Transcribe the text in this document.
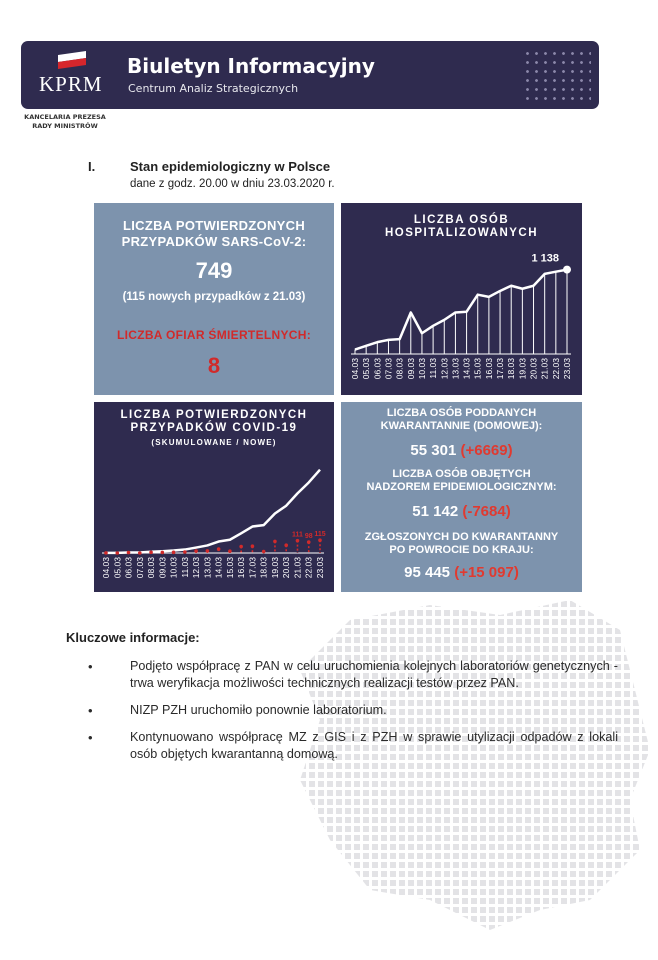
KPRM
Biuletyn Informacyjny
Centrum Analiz Strategicznych
KANCELARIA PREZESA
RADY MINISTRÓW
I.	Stan epidemiologiczny w Polsce
dane z godz. 20.00 w dniu 23.03.2020 r.
LICZBA POTWIERDZONYCH
PRZYPADKÓW SARS-CoV-2:
749
(115 nowych przypadków z 21.03)
LICZBA OFIAR ŚMIERTELNYCH:
8
LICZBA OSÓB HOSPITALIZOWANYCH
1 138
04.03 05.03 06.03 07.03 08.03 09.03 10.03 11.03 12.03 13.03 14.03 15.03 16.03 17.03 18.03 19.03 20.03 21.03 22.03 23.03
LICZBA POTWIERDZONYCH PRZYPADKÓW COVID-19
(SKUMULOWANE / NOWE)
111 98 115
04.03 05.03 06.03 07.03 08.03 09.03 10.03 11.03 12.03 13.03 14.03 15.03 16.03 17.03 18.03 19.03 20.03 21.03 22.03 23.03
LICZBA OSÓB PODDANYCH
KWARANTANNIE (DOMOWEJ):
55 301 (+6669)
LICZBA OSÓB OBJĘTYCH
NADZOREM EPIDEMIOLOGICZNYM:
51 142 (-7684)
ZGŁOSZONYCH DO KWARANTANNY
PO POWROCIE DO KRAJU:
95 445 (+15 097)
Kluczowe informacje:
•	Podjęto współpracę z PAN w celu uruchomienia kolejnych laboratoriów genetycznych - trwa weryfikacja możliwości technicznych realizacji testów przez PAN.
•	NIZP PZH uruchomiło ponownie laboratorium.
•	Kontynuowano współpracę MZ z GIS i z PZH w sprawie utylizacji odpadów z lokali osób objętych kwarantanną domową.
